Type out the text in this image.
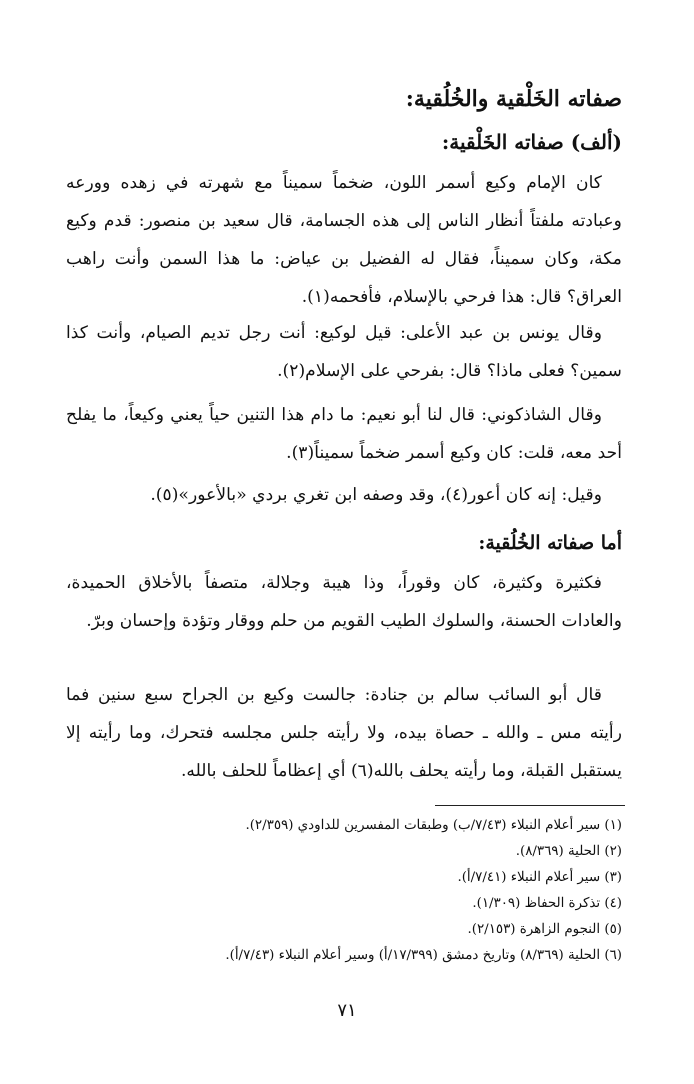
صفاته الخَلْقية والخُلُقية:
(ألف) صفاته الخَلْقية:
كان الإمام وكيع أسمر اللون، ضخماً سميناً مع شهرته في زهده وورعه وعبادته ملفتاً أنظار الناس إلى هذه الجسامة، قال سعيد بن منصور: قدم وكيع مكة، وكان سميناً، فقال له الفضيل بن عياض: ما هذا السمن وأنت راهب العراق؟ قال: هذا فرحي بالإسلام، فأفحمه(١).
وقال يونس بن عبد الأعلى: قيل لوكيع: أنت رجل تديم الصيام، وأنت كذا سمين؟ فعلى ماذا؟ قال: بفرحي على الإسلام(٢).
وقال الشاذكوني: قال لنا أبو نعيم: ما دام هذا التنين حياً يعني وكيعاً، ما يفلح أحد معه، قلت: كان وكيع أسمر ضخماً سميناً(٣).
وقيل: إنه كان أعور(٤)، وقد وصفه ابن تغري بردي «بالأعور»(٥).
أما صفاته الخُلُقية:
فكثيرة وكثيرة، كان وقوراً، وذا هيبة وجلالة، متصفاً بالأخلاق الحميدة، والعادات الحسنة، والسلوك الطيب القويم من حلم ووقار وتؤدة وإحسان وبرّ.
قال أبو السائب سالم بن جنادة: جالست وكيع بن الجراح سبع سنين فما رأيته مس ـ والله ـ حصاة بيده، ولا رأيته جلس مجلسه فتحرك، وما رأيته إلا يستقبل القبلة، وما رأيته يحلف بالله(٦) أي إعظاماً للحلف بالله.
(١) سير أعلام النبلاء (٧/٤٣/ب) وطبقات المفسرين للداودي (٢/٣٥٩).
(٢) الحلية (٨/٣٦٩).
(٣) سير أعلام النبلاء (٧/٤١/أ).
(٤) تذكرة الحفاظ (١/٣٠٩).
(٥) النجوم الزاهرة (٢/١٥٣).
(٦) الحلية (٨/٣٦٩) وتاريخ دمشق (١٧/٣٩٩/أ) وسير أعلام النبلاء (٧/٤٣/أ).
٧١
